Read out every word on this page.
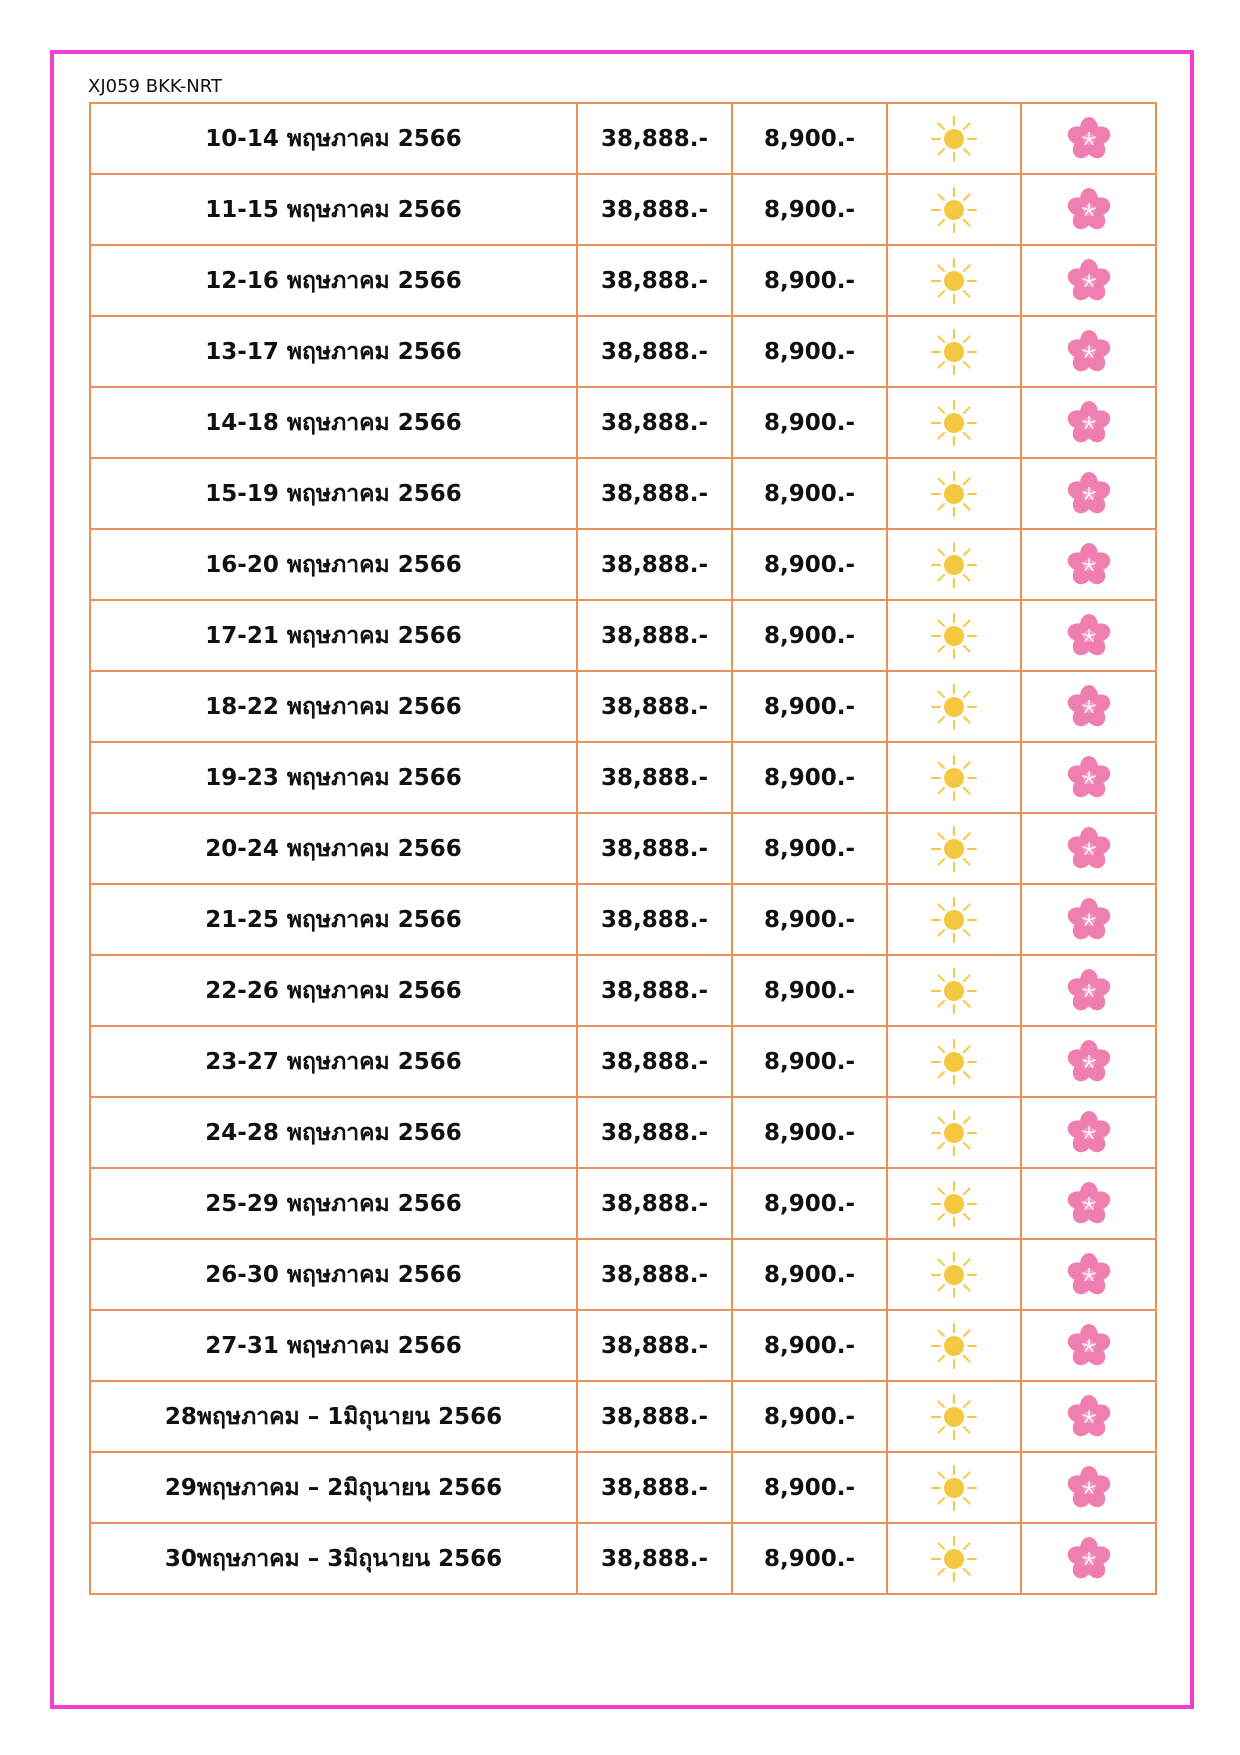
XJ059 BKK-NRT
10-14 พฤษภาคม 2566	38,888.-	8,900.-	

11-15 พฤษภาคม 2566	38,888.-	8,900.-	

12-16 พฤษภาคม 2566	38,888.-	8,900.-	

13-17 พฤษภาคม 2566	38,888.-	8,900.-	

14-18 พฤษภาคม 2566	38,888.-	8,900.-	

15-19 พฤษภาคม 2566	38,888.-	8,900.-	

16-20 พฤษภาคม 2566	38,888.-	8,900.-	

17-21 พฤษภาคม 2566	38,888.-	8,900.-	

18-22 พฤษภาคม 2566	38,888.-	8,900.-	

19-23 พฤษภาคม 2566	38,888.-	8,900.-	

20-24 พฤษภาคม 2566	38,888.-	8,900.-	

21-25 พฤษภาคม 2566	38,888.-	8,900.-	

22-26 พฤษภาคม 2566	38,888.-	8,900.-	

23-27 พฤษภาคม 2566	38,888.-	8,900.-	

24-28 พฤษภาคม 2566	38,888.-	8,900.-	

25-29 พฤษภาคม 2566	38,888.-	8,900.-	

26-30 พฤษภาคม 2566	38,888.-	8,900.-	

27-31 พฤษภาคม 2566	38,888.-	8,900.-	

28พฤษภาคม – 1มิถุนายน 2566	38,888.-	8,900.-	

29พฤษภาคม – 2มิถุนายน 2566	38,888.-	8,900.-	

30พฤษภาคม – 3มิถุนายน 2566	38,888.-	8,900.-	
